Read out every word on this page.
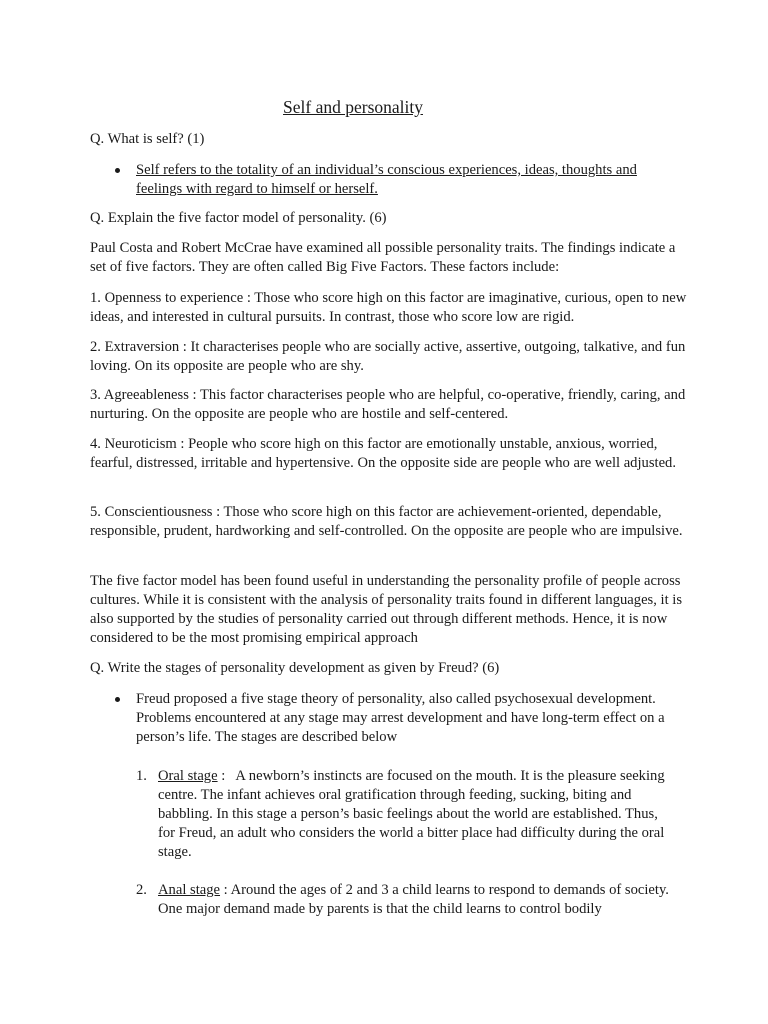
Self and personality

Q. What is self? (1)

Self refers to the totality of an individual’s conscious experiences, ideas, thoughts and feelings with regard to himself or herself.

Q. Explain the five factor model of personality. (6)

Paul Costa and Robert McCrae have examined all possible personality traits. The findings indicate a set of five factors. They are often called Big Five Factors. These factors include:

1. Openness to experience : Those who score high on this factor are imaginative, curious, open to new ideas, and interested in cultural pursuits. In contrast, those who score low are rigid.

2. Extraversion : It characterises people who are socially active, assertive, outgoing, talkative, and fun loving. On its opposite are people who are shy.

3. Agreeableness : This factor characterises people who are helpful, co-operative, friendly, caring, and nurturing. On the opposite are people who are hostile and self-centered.

4. Neuroticism : People who score high on this factor are emotionally unstable, anxious, worried, fearful, distressed, irritable and hypertensive. On the opposite side are people who are well adjusted.

5. Conscientiousness : Those who score high on this factor are achievement-oriented, dependable, responsible, prudent, hardworking and self-controlled. On the opposite are people who are impulsive.

The five factor model has been found useful in understanding the personality profile of people across cultures. While it is consistent with the analysis of personality traits found in different languages, it is also supported by the studies of personality carried out through different methods. Hence, it is now considered to be the most promising empirical approach

Q. Write the stages of personality development as given by Freud? (6)

Freud proposed a five stage theory of personality, also called psychosexual development. Problems encountered at any stage may arrest development and have long-term effect on a person’s life. The stages are described below

1. Oral stage :   A newborn’s instincts are focused on the mouth. It is the pleasure seeking centre. The infant achieves oral gratification through feeding, sucking, biting and babbling. In this stage a person’s basic feelings about the world are established. Thus, for Freud, an adult who considers the world a bitter place had difficulty during the oral stage.

2. Anal stage : Around the ages of 2 and 3 a child learns to respond to demands of society. One major demand made by parents is that the child learns to control bodily
